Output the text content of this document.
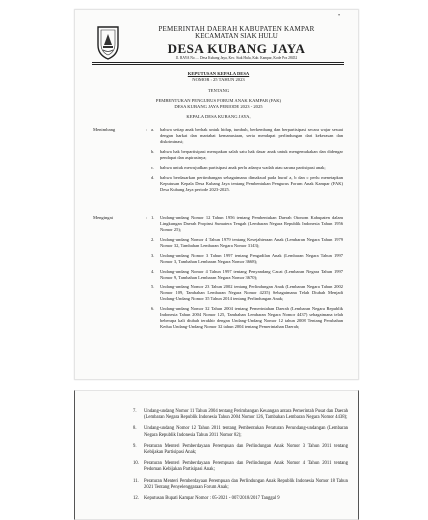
PEMERINTAH DAERAH KABUPATEN KAMPAR
KECAMATAN SIAK HULU
DESA KUBANG JAYA
Jl. RAYA No. ... Desa Kubang Jaya, Kec. Siak Hulu, Kab. Kampar, Kode Pos 28452
•
KEPUTUSAN KEPALA DESA
NOMOR : 25 TAHUN 2023
TENTANG
PEMBENTUKAN PENGURUS FORUM ANAK KAMPAR (FAK)
DESA KUBANG JAYA PERIODE 2023 - 2025
KEPALA DESA KUBANG JAYA,
Menimbang	: a.	bahwa setiap anak berhak untuk hidup, tumbuh, berkembang dan berpartisipasi secara wajar sesuai dengan harkat dan martabat kemanusiaan, serta mendapat perlindungan dari kekerasan dan diskriminasi;
b.	bahwa hak berpartisipasi merupakan salah satu hak dasar anak untuk mengemukakan dan didengar pendapat dan aspirasinya;
c.	bahwa untuk mewujudkan partisipasi anak perlu adanya wadah atau sarana partisipasi anak;
d.	bahwa berdasarkan pertimbangan sebagaimana dimaksud pada huruf a, b dan c perlu menetapkan Keputusan Kepala Desa Kubang Jaya tentang Pembentukan Pengurus Forum Anak Kampar (FAK) Desa Kubang Jaya periode 2023-2025.
Mengingat	: 1.	Undang-undang Nomor 12 Tahun 1956 tentang Pembentukan Daerah Otonom Kabupaten dalam Lingkungan Daerah Propinsi Sumatera Tengah (Lembaran Negara Republik Indonesia Tahun 1956 Nomor 25);
2.	Undang-undang Nomor 4 Tahun 1979 tentang Kesejahteraan Anak (Lembaran Negara Tahun 1979 Nomor 32, Tambahan Lembaran Negara Nomor 3143);
3.	Undang-undang Nomor 3 Tahun 1997 tentang Pengadilan Anak (Lembaran Negara Tahun 1997 Nomor 3, Tambahan Lembaran Negara Nomor 3668);
4.	Undang-undang Nomor 4 Tahun 1997 tentang Penyandang Cacat (Lembaran Negara Tahun 1997 Nomor 9, Tambahan Lembaran Negara Nomor 3670);
5.	Undang-undang Nomor 23 Tahun 2002 tentang Perlindungan Anak (Lembaran Negara Tahun 2002 Nomor 109, Tambahan Lembaran Negara Nomor 4235) Sebagaimana Telah Diubah Menjadi Undang-Undang Nomor 35 Tahun 2014 tentang Perlindungan Anak;
6.	Undang-undang Nomor 32 Tahun 2004 tentang Pemerintahan Daerah (Lembaran Negara Republik Indonesia Tahun 2004 Nomor 125, Tambahan Lembaran Negara Nomor 4437) sebagaimana telah beberapa kali diubah terakhir dengan Undang-Undang Nomor 12 tahun 2008 Tentang Perubahan Kedua Undang-Undang Nomor 32 tahun 2004 tentang Pemerintahan Daerah;
7.	Undang-undang Nomor 11 Tahun 2004 tentang Perimbangan Keuangan antara Pemerintah Pusat dan Daerah (Lembaran Negara Republik Indonesia Tahun 2004 Nomor 126, Tambahan Lembaran Negara Nomor 4438);
8.	Undang-undang Nomor 12 Tahun 2011 tentang Pembentukan Peraturan Perundang-undangan (Lembaran Negara Republik Indonesia Tahun 2011 Nomor 82);
9.	Peraturan Menteri Pemberdayaan Perempuan dan Perlindungan Anak Nomor 3 Tahun 2011 tentang Kebijakan Partisipasi Anak;
10.	Peraturan Menteri Pemberdayaan Perempuan dan Perlindungan Anak Nomor 4 Tahun 2011 tentang Pedoman Kebijakan Partisipasi Anak;
11.	Peraturan Menteri Pemberdayaan Perempuan dan Perlindungan Anak Republik Indonesia Nomor 18 Tahun 2021 Tentang Penyelenggaraan Forum Anak;
12.	Keputusan Bupati Kampar Nomor : 05-2021 - 007/2018/2017 Tanggal 9
